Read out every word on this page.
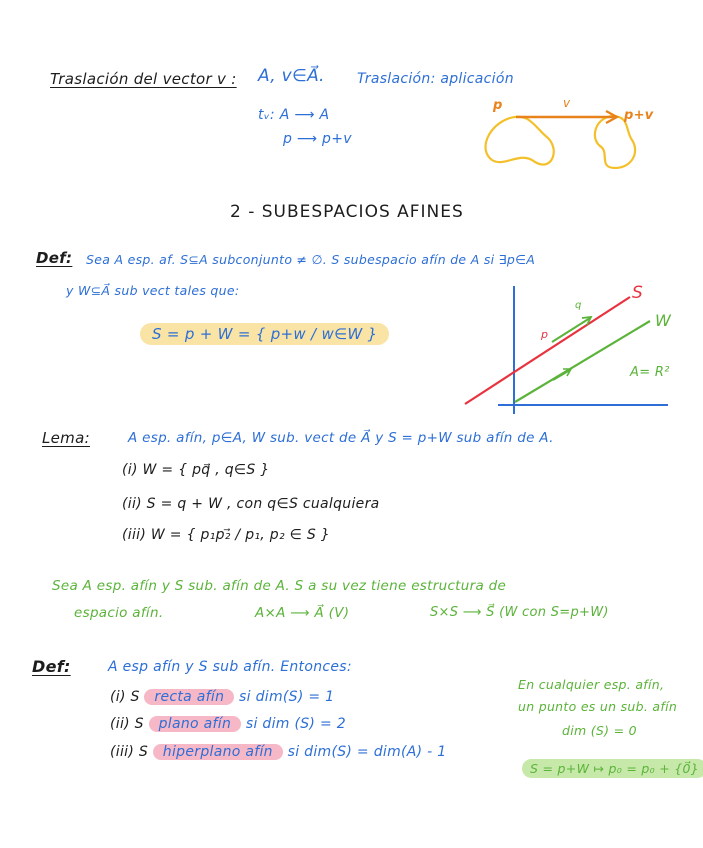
Traslación del vector v : A, v∈A⃗. Traslación: aplicación
tᵥ: A ⟶ A
p ⟶ p+v
p	v
p+v
2 - SUBESPACIOS AFINES
Def: Sea A esp. af. S⊆A subconjunto ≠ ∅. S subespacio afín de A si ∃p∈A
y W⊆A⃗ sub vect tales que:
S = p + W = { p+w / w∈W }
S
W
A= R²
p
q
Lema:	A esp. afín, p∈A, W sub. vect de A⃗ y S = p+W sub afín de A.
(i) W = { pq⃗ , q∈S }
(ii) S = q + W , con q∈S cualquiera
(iii) W = { p₁p₂⃗ / p₁, p₂ ∈ S }
Sea A esp. afín y S sub. afín de A. S a su vez tiene estructura de
espacio afín.	A×A ⟶ A⃗ (V)	S×S ⟶ S⃗ (W con S=p+W)
Def:	A esp afín y S sub afín. Entonces:
(i) S recta afín si dim(S) = 1
(ii) S plano afín si dim (S) = 2
(iii) S hiperplano afín si dim(S) = dim(A) - 1
En cualquier esp. afín,
un punto es un sub. afín
dim (S) = 0
S = p+W ↦ p₀ = p₀ + {0⃗}
